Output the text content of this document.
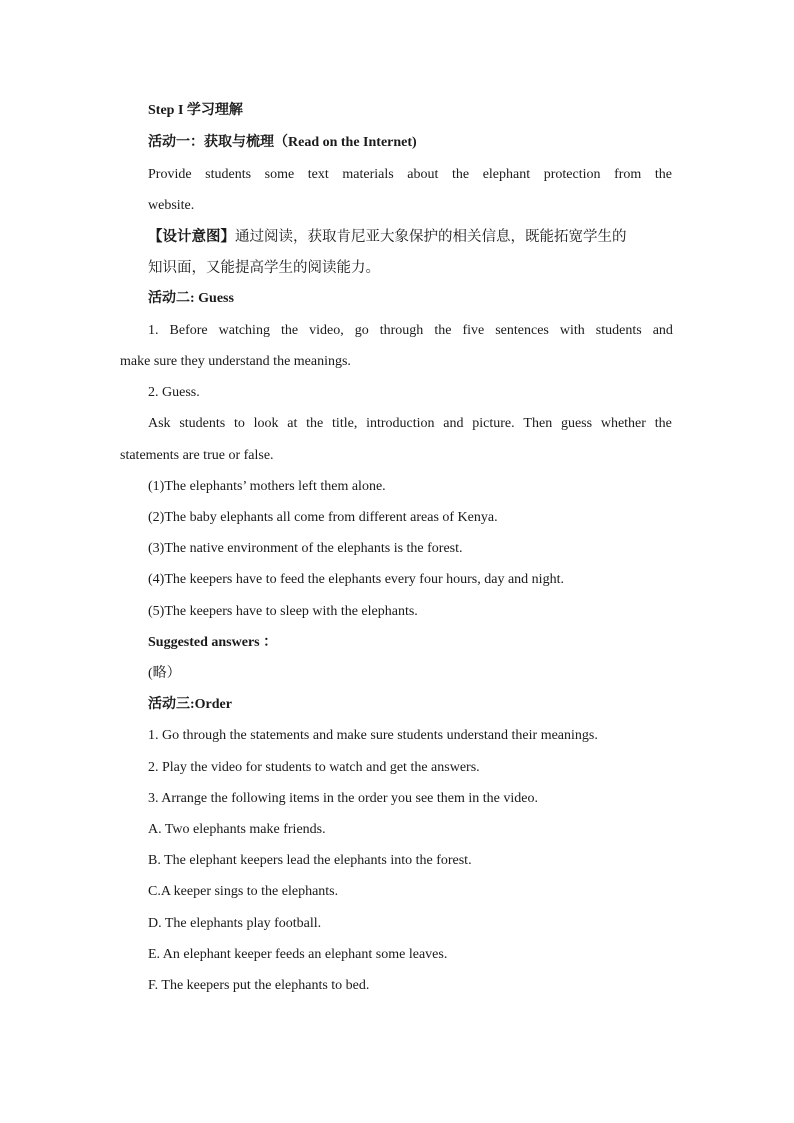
Step I 学习理解
活动一：获取与梳理（Read on the Internet)
Provide students some text materials about the elephant protection from the
website.
【设计意图】通过阅读，获取肯尼亚大象保护的相关信息，既能拓宽学生的
知识面，又能提高学生的阅读能力。
活动二: Guess
1. Before watching the video, go through the five sentences with students and
make sure they understand the meanings.
2. Guess.
Ask students to look at the title, introduction and picture. Then guess whether the
statements are true or false.
(1)The elephants’ mothers left them alone.
(2)The baby elephants all come from different areas of Kenya.
(3)The native environment of the elephants is the forest.
(4)The keepers have to feed the elephants every four hours, day and night.
(5)The keepers have to sleep with the elephants.
Suggested answers ：
(略）
活动三:Order
1. Go through the statements and make sure students understand their meanings.
2. Play the video for students to watch and get the answers.
3. Arrange the following items in the order you see them in the video.
A. Two elephants make friends.
B. The elephant keepers lead the elephants into the forest.
C.A keeper sings to the elephants.
D. The elephants play football.
E. An elephant keeper feeds an elephant some leaves.
F. The keepers put the elephants to bed.
